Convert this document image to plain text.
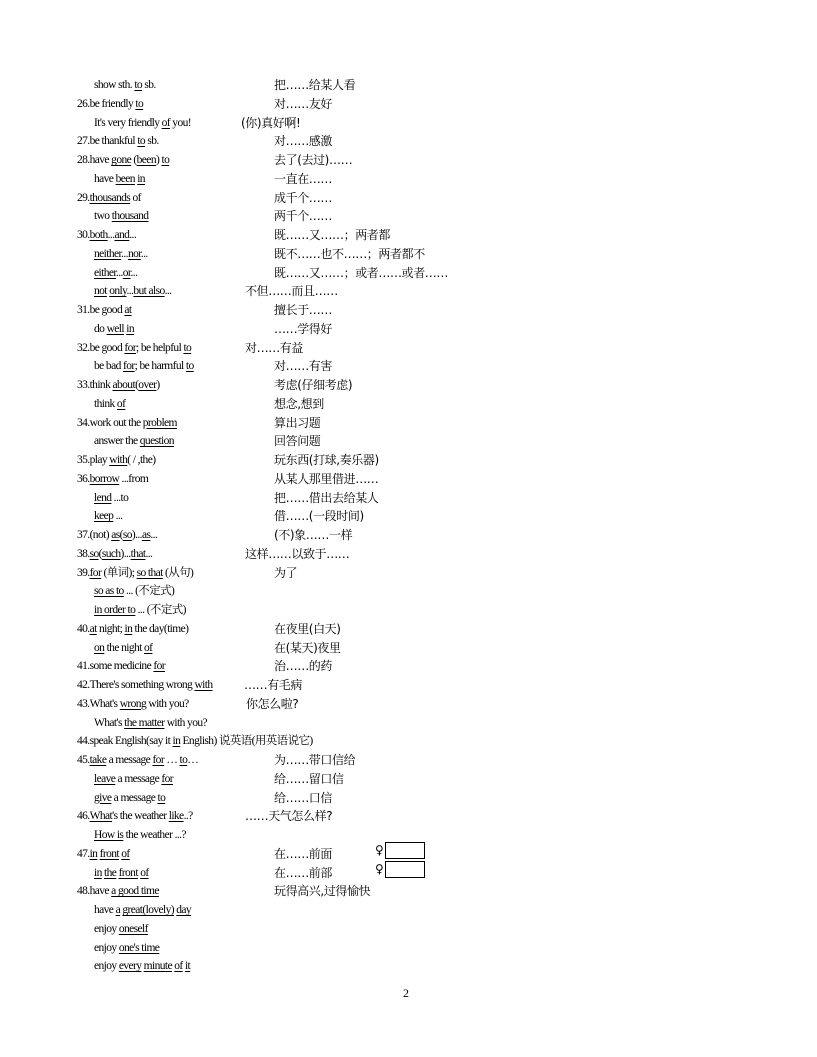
show sth. to sb.	把……给某人看
26.be friendly to	对……友好
It's very friendly of you!	(你)真好啊!
27.be thankful to sb.	对……感激
28.have gone (been) to	去了(去过)……
have been in	一直在……
29.thousands of	成千个……
two thousand	两千个……
30.both...and...	既……又……；两者都
neither...nor...	既不……也不……；两者都不
either...or...	既……又……；或者……或者……
not only...but also...	不但……而且……
31.be good at	擅长于……
do well in	……学得好
32.be good for; be helpful to	对……有益
be bad for; be harmful to	对……有害
33.think about(over)	考虑(仔细考虑)
think of	想念,想到
34.work out the problem	算出习题
answer the question	回答问题
35.play with( / ,the)	玩东西(打球,奏乐器)
36.borrow ...from	从某人那里借进……
lend ...to	把……借出去给某人
keep ...	借……(一段时间)
37.(not) as(so)...as...	(不)象……一样
38.so(such)...that...	这样……以致于……
39.for (单词); so that (从句)	为了
so as to ... (不定式)
in order to ... (不定式)
40.at night; in the day(time)	在夜里(白天)
on the night of	在(某天)夜里
41.some medicine for	治……的药
42.There's something wrong with	……有毛病
43.What's wrong with you?	你怎么啦?
What's the matter with you?
44.speak English(say it in English) 说英语(用英语说它)
45.take a message for … to…	为……带口信给
leave a message for	给……留口信
give a message to	给……口信
46.What's the weather like..?	……天气怎么样?
How is the weather ...?
47.in front of	在……前面
in the front of	在……前部
48.have a good time	玩得高兴,过得愉快
have a great(lovely) day
enjoy oneself
enjoy one's time
enjoy every minute of it
♀
♀
2
